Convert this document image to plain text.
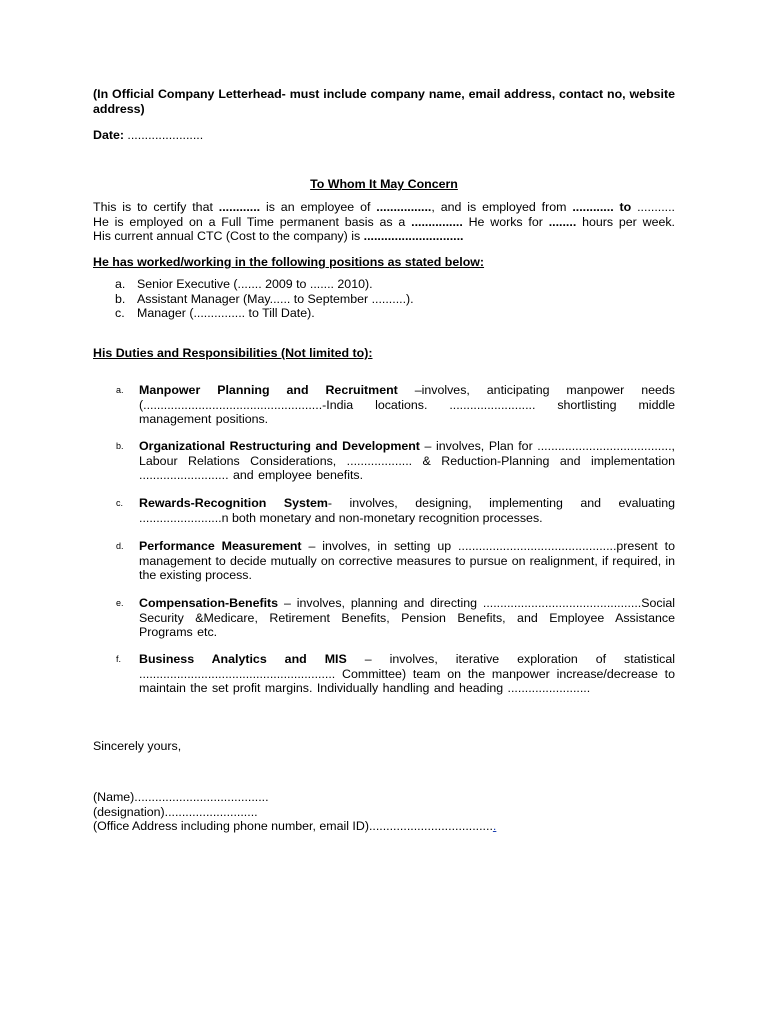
(In Official Company Letterhead- must include company name, email address, contact no, website address)

Date: ......................

To Whom It May Concern

This is to certify that ............ is an employee of ................, and is employed from ............ to ...........

He is employed on a Full Time permanent basis as a ............... He works for ........ hours per week.

His current annual CTC (Cost to the company) is .............................

He has worked/working in the following positions as stated below:

a. Senior Executive (....... 2009 to ....... 2010).
b. Assistant Manager (May...... to September ..........).
c. Manager (............... to Till Date).

His Duties and Responsibilities (Not limited to):

a.	Manpower Planning and Recruitment –involves, anticipating manpower needs (....................................................-India locations. ......................... shortlisting middle management positions.

b.	Organizational Restructuring and Development – involves, Plan for ......................................., Labour Relations Considerations, ................... & Reduction-Planning and implementation .......................... and employee benefits.

c.	Rewards-Recognition System- involves, designing, implementing and evaluating ........................n both monetary and non-monetary recognition processes.

d.	Performance Measurement – involves, in setting up ..............................................present to management to decide mutually on corrective measures to pursue on realignment, if required, in the existing process.

e.	Compensation-Benefits – involves, planning and directing ..............................................Social Security &Medicare, Retirement Benefits, Pension Benefits, and Employee Assistance Programs etc.

f.	Business Analytics and MIS – involves, iterative exploration of statistical ......................................................... Committee) team on the manpower increase/decrease to maintain the set profit margins. Individually handling and heading ........................

Sincerely yours,

(Name).......................................

(designation)...........................

(Office Address including phone number, email ID).....................................
